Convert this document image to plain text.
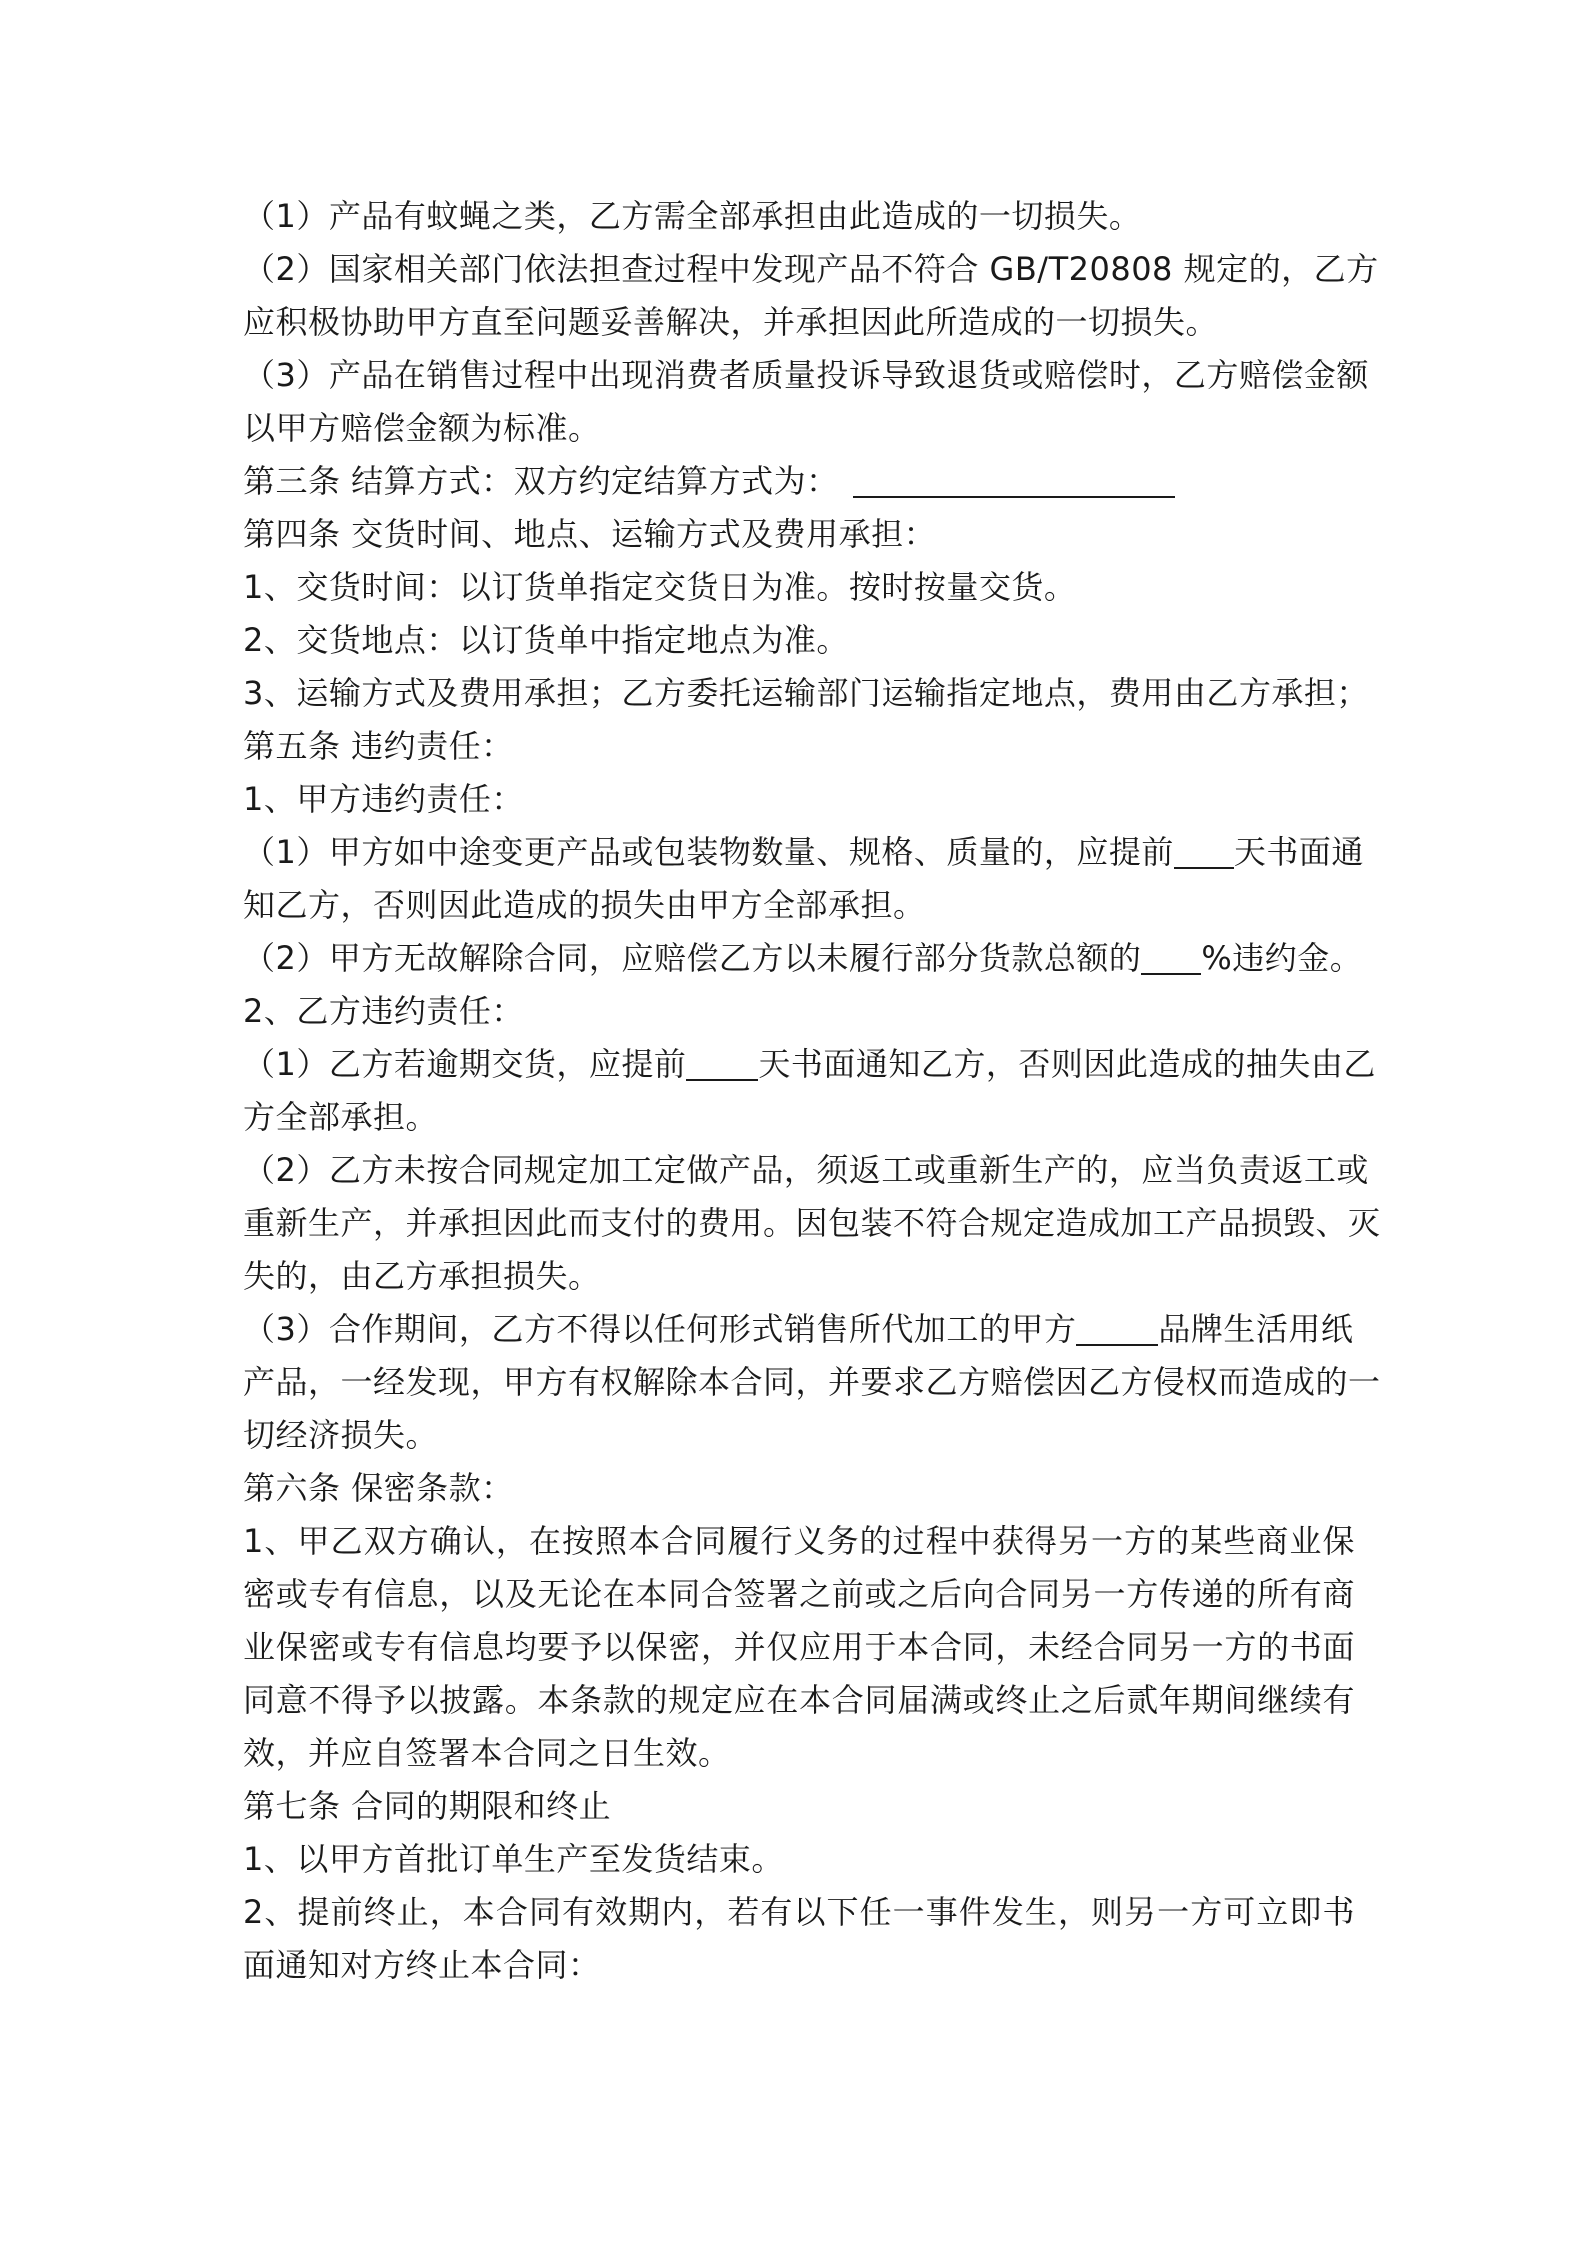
（1）产品有蚊蝇之类，乙方需全部承担由此造成的一切损失。

（2）国家相关部门依法担查过程中发现产品不符合 GB/T20808 规定的，乙方

应积极协助甲方直至问题妥善解决，并承担因此所造成的一切损失。

（3）产品在销售过程中出现消费者质量投诉导致退货或赔偿时，乙方赔偿金额

以甲方赔偿金额为标准。

第三条 结算方式：双方约定结算方式为：

第四条 交货时间、地点、运输方式及费用承担：

1、交货时间：以订货单指定交货日为准。按时按量交货。

2、交货地点：以订货单中指定地点为准。

3、运输方式及费用承担；乙方委托运输部门运输指定地点，费用由乙方承担；

第五条 违约责任：

1、甲方违约责任：

（1）甲方如中途变更产品或包装物数量、规格、质量的，应提前 天书面通

知乙方，否则因此造成的损失由甲方全部承担。

（2）甲方无故解除合同，应赔偿乙方以未履行部分货款总额的 %违约金。

2、乙方违约责任：

（1）乙方若逾期交货，应提前 天书面通知乙方，否则因此造成的抽失由乙

方全部承担。

（2）乙方未按合同规定加工定做产品，须返工或重新生产的，应当负责返工或

重新生产，并承担因此而支付的费用。因包装不符合规定造成加工产品损毁、灭

失的，由乙方承担损失。

（3）合作期间，乙方不得以任何形式销售所代加工的甲方	品牌生活用纸

产品，一经发现，甲方有权解除本合同，并要求乙方赔偿因乙方侵权而造成的一

切经济损失。

第六条 保密条款：

1、甲乙双方确认，在按照本合同履行义务的过程中获得另一方的某些商业保密或专有信息，以及无论在本同合签署之前或之后向合同另一方传递的所有商业保密或专有信息均要予以保密，并仅应用于本合同，未经合同另一方的书面同意不得予以披露。本条款的规定应在本合同届满或终止之后贰年期间继续有效，并应自签署本合同之日生效。

第七条 合同的期限和终止

1、以甲方首批订单生产至发货结束。

2、提前终止，本合同有效期内，若有以下任一事件发生，则另一方可立即书面通知对方终止本合同：
